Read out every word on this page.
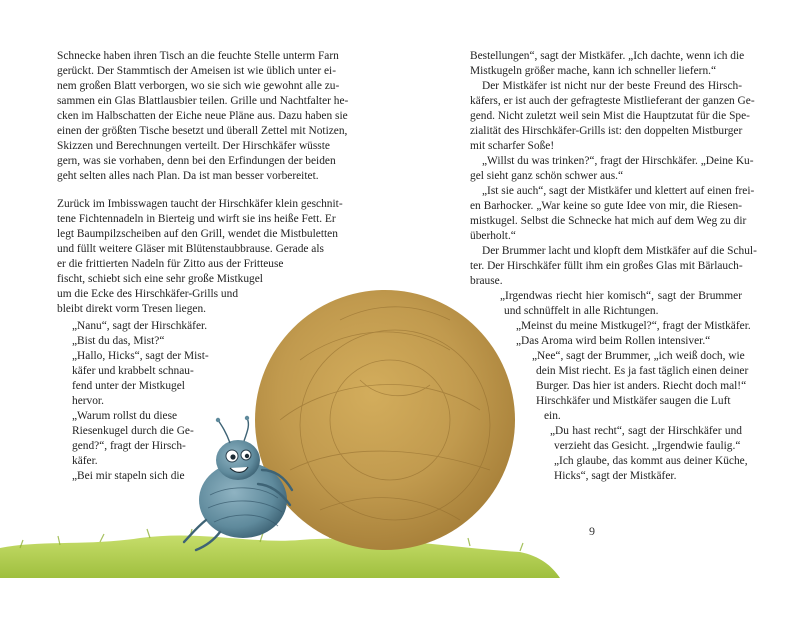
Schnecke haben ihren Tisch an die feuchte Stelle unterm Farn
gerückt. Der Stammtisch der Ameisen ist wie üblich unter ei-
nem großen Blatt verborgen, wo sie sich wie gewohnt alle zu-
sammen ein Glas Blattlausbier teilen. Grille und Nachtfalter he-
cken im Halbschatten der Eiche neue Pläne aus. Dazu haben sie
einen der größten Tische besetzt und überall Zettel mit Notizen,
Skizzen und Berechnungen verteilt. Der Hirschkäfer wüsste
gern, was sie vorhaben, denn bei den Erfindungen der beiden
geht selten alles nach Plan. Da ist man besser vorbereitet.
Zurück im Imbisswagen taucht der Hirschkäfer klein geschnit-
tene Fichtennadeln in Bierteig und wirft sie ins heiße Fett. Er
legt Baumpilzscheiben auf den Grill, wendet die Mistbuletten
und füllt weitere Gläser mit Blütenstaubbrause. Gerade als
er die frittierten Nadeln für Zitto aus der Fritteuse
fischt, schiebt sich eine sehr große Mistkugel
um die Ecke des Hirschkäfer-Grills und
bleibt direkt vorm Tresen liegen.
„Nanu“, sagt der Hirschkäfer.
„Bist du das, Mist?“
„Hallo, Hicks“, sagt der Mist-
käfer und krabbelt schnau-
fend unter der Mistkugel
hervor.
„Warum rollst du diese
Riesenkugel durch die Ge-
gend?“, fragt der Hirsch-
käfer.
„Bei mir stapeln sich die
Bestellungen“, sagt der Mistkäfer. „Ich dachte, wenn ich die
Mistkugeln größer mache, kann ich schneller liefern.“
Der Mistkäfer ist nicht nur der beste Freund des Hirsch-
käfers, er ist auch der gefragteste Mistlieferant der ganzen Ge-
gend. Nicht zuletzt weil sein Mist die Hauptzutat für die Spe-
zialität des Hirschkäfer-Grills ist: den doppelten Mistburger
mit scharfer Soße!
„Willst du was trinken?“, fragt der Hirschkäfer. „Deine Ku-
gel sieht ganz schön schwer aus.“
„Ist sie auch“, sagt der Mistkäfer und klettert auf einen frei-
en Barhocker. „War keine so gute Idee von mir, die Riesen-
mistkugel. Selbst die Schnecke hat mich auf dem Weg zu dir
überholt.“
Der Brummer lacht und klopft dem Mistkäfer auf die Schul-
ter. Der Hirschkäfer füllt ihm ein großes Glas mit Bärlauch-
brause.
„Irgendwas riecht hier komisch“, sagt der Brummer
und schnüffelt in alle Richtungen.
„Meinst du meine Mistkugel?“, fragt der Mistkäfer.
„Das Aroma wird beim Rollen intensiver.“
„Nee“, sagt der Brummer, „ich weiß doch, wie
dein Mist riecht. Es ja fast täglich einen deiner
Burger. Das hier ist anders. Riecht doch mal!“
Hirschkäfer und Mistkäfer saugen die Luft
ein.
„Du hast recht“, sagt der Hirschkäfer und
verzieht das Gesicht. „Irgendwie faulig.“
„Ich glaube, das kommt aus deiner Küche,
Hicks“, sagt der Mistkäfer.
9
